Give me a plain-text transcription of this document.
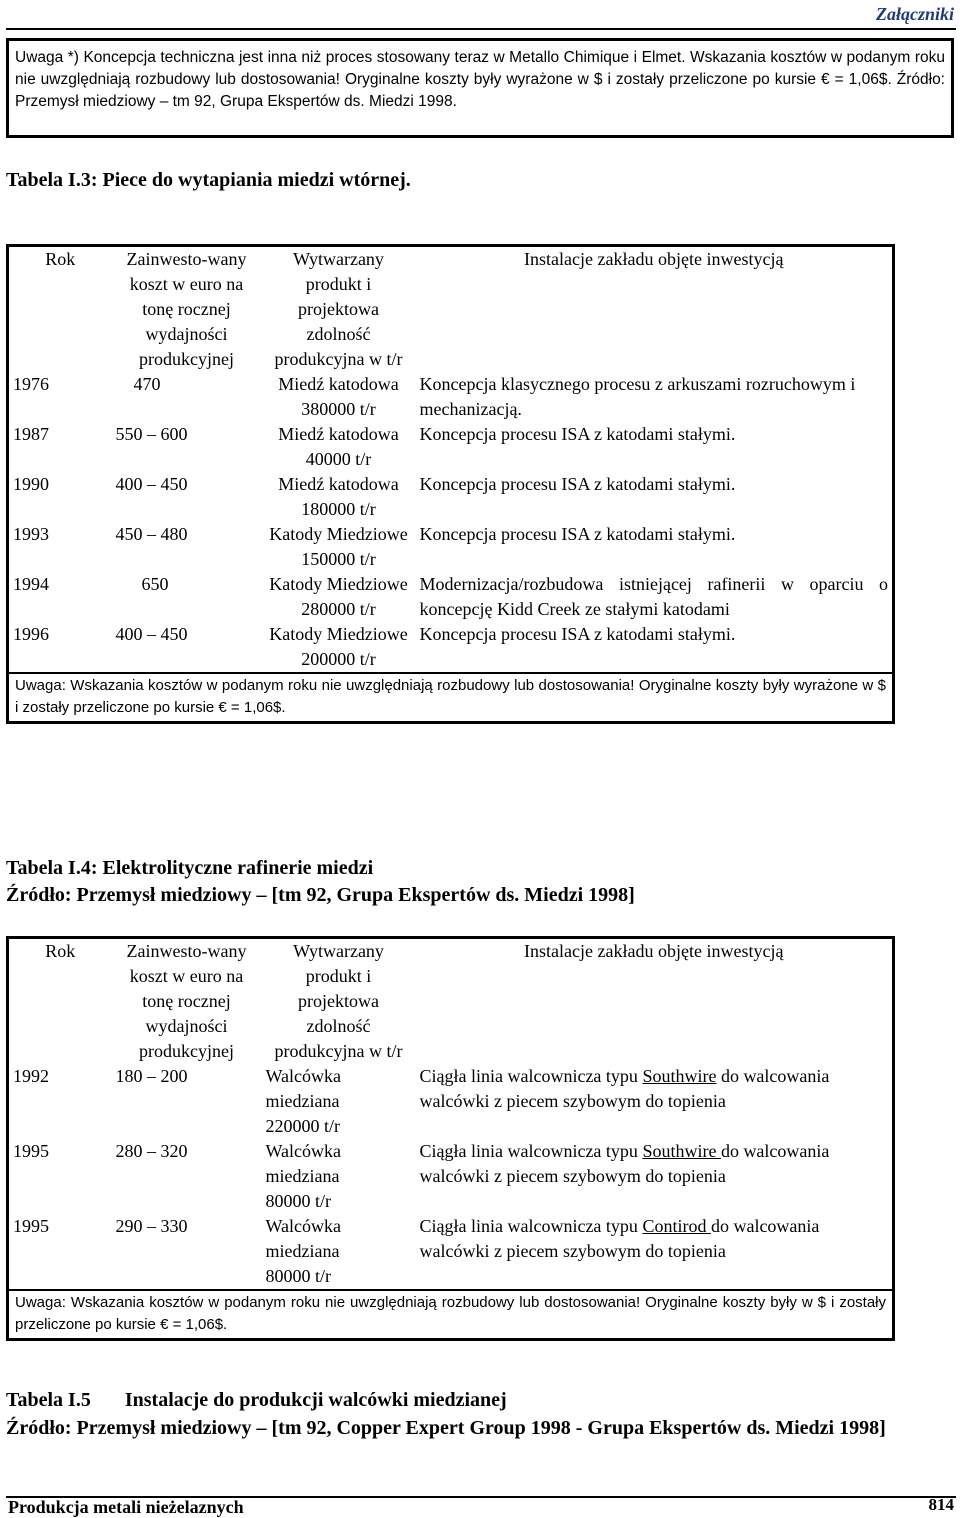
Załączniki
Uwaga *) Koncepcja techniczna jest inna niż proces stosowany teraz w Metallo Chimique i Elmet. Wskazania kosztów w podanym roku nie uwzględniają rozbudowy lub dostosowania! Oryginalne koszty były wyrażone w $ i zostały przeliczone po kursie € = 1,06$. Źródło: Przemysł miedziowy – tm 92, Grupa Ekspertów ds. Miedzi 1998.
Tabela I.3: Piece do wytapiania miedzi wtórnej.
Rok	Zainwesto-wany koszt w euro na tonę rocznej wydajności produkcyjnej	Wytwarzany produkt i projektowa zdolność produkcyjna w t/r	Instalacje zakładu objęte inwestycją
1976	470	Miedź katodowa 380000 t/r	Koncepcja klasycznego procesu z arkuszami rozruchowym i mechanizacją.
1987	550 – 600	Miedź katodowa 40000 t/r	Koncepcja procesu ISA z katodami stałymi.
1990	400 – 450	Miedź katodowa 180000 t/r	Koncepcja procesu ISA z katodami stałymi.
1993	450 – 480	Katody Miedziowe 150000 t/r	Koncepcja procesu ISA z katodami stałymi.
1994	650	Katody Miedziowe 280000 t/r	Modernizacja/rozbudowa istniejącej rafinerii w oparciu o koncepcję Kidd Creek ze stałymi katodami
1996	400 – 450	Katody Miedziowe 200000 t/r	Koncepcja procesu ISA z katodami stałymi.
Uwaga: Wskazania kosztów w podanym roku nie uwzględniają rozbudowy lub dostosowania! Oryginalne koszty były wyrażone w $ i zostały przeliczone po kursie € = 1,06$.			
Tabela I.4: Elektrolityczne rafinerie miedzi
Źródło: Przemysł miedziowy – [tm 92, Grupa Ekspertów ds. Miedzi 1998]
Rok	Zainwesto-wany koszt w euro na tonę rocznej wydajności produkcyjnej	Wytwarzany produkt i projektowa zdolność produkcyjna w t/r	Instalacje zakładu objęte inwestycją
1992	180 – 200	Walcówka miedziana 220000 t/r	Ciągła linia walcownicza typu Southwire do walcowania walcówki z piecem szybowym do topienia
1995	280 – 320	Walcówka miedziana 80000 t/r	Ciągła linia walcownicza typu Southwire do walcowania walcówki z piecem szybowym do topienia
1995	290 – 330	Walcówka miedziana 80000 t/r	Ciągła linia walcownicza typu Contirod do walcowania walcówki z piecem szybowym do topienia
Uwaga: Wskazania kosztów w podanym roku nie uwzględniają rozbudowy lub dostosowania! Oryginalne koszty były w $ i zostały przeliczone po kursie € = 1,06$.			
Tabela I.5 Instalacje do produkcji walcówki miedzianej
Źródło: Przemysł miedziowy – [tm 92, Copper Expert Group 1998 - Grupa Ekspertów ds. Miedzi 1998]
Produkcja metali nieżelaznych	814
